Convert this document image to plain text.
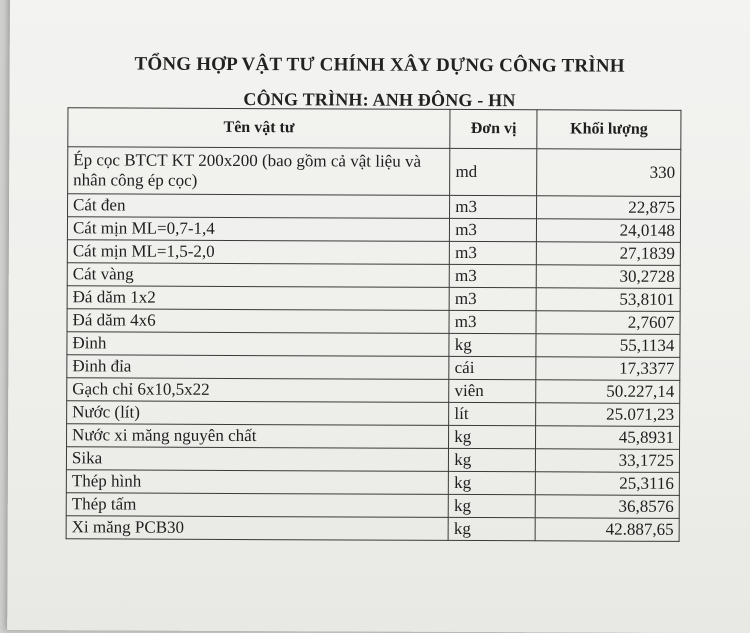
TỔNG HỢP VẬT TƯ CHÍNH XÂY DỰNG CÔNG TRÌNH
CÔNG TRÌNH: ANH ĐÔNG - HN
Tên vật tư	Đơn vị	Khối lượng
Ép cọc BTCT KT 200x200 (bao gồm cả vật liệu và nhân công ép cọc)	md	330
Cát đen	m3	22,875
Cát mịn ML=0,7-1,4	m3	24,0148
Cát mịn ML=1,5-2,0	m3	27,1839
Cát vàng	m3	30,2728
Đá dăm 1x2	m3	53,8101
Đá dăm 4x6	m3	2,7607
Đinh	kg	55,1134
Đinh đỉa	cái	17,3377
Gạch chỉ 6x10,5x22	viên	50.227,14
Nước (lít)	lít	25.071,23
Nước xi măng nguyên chất	kg	45,8931
Sika	kg	33,1725
Thép hình	kg	25,3116
Thép tấm	kg	36,8576
Xi măng PCB30	kg	42.887,65
